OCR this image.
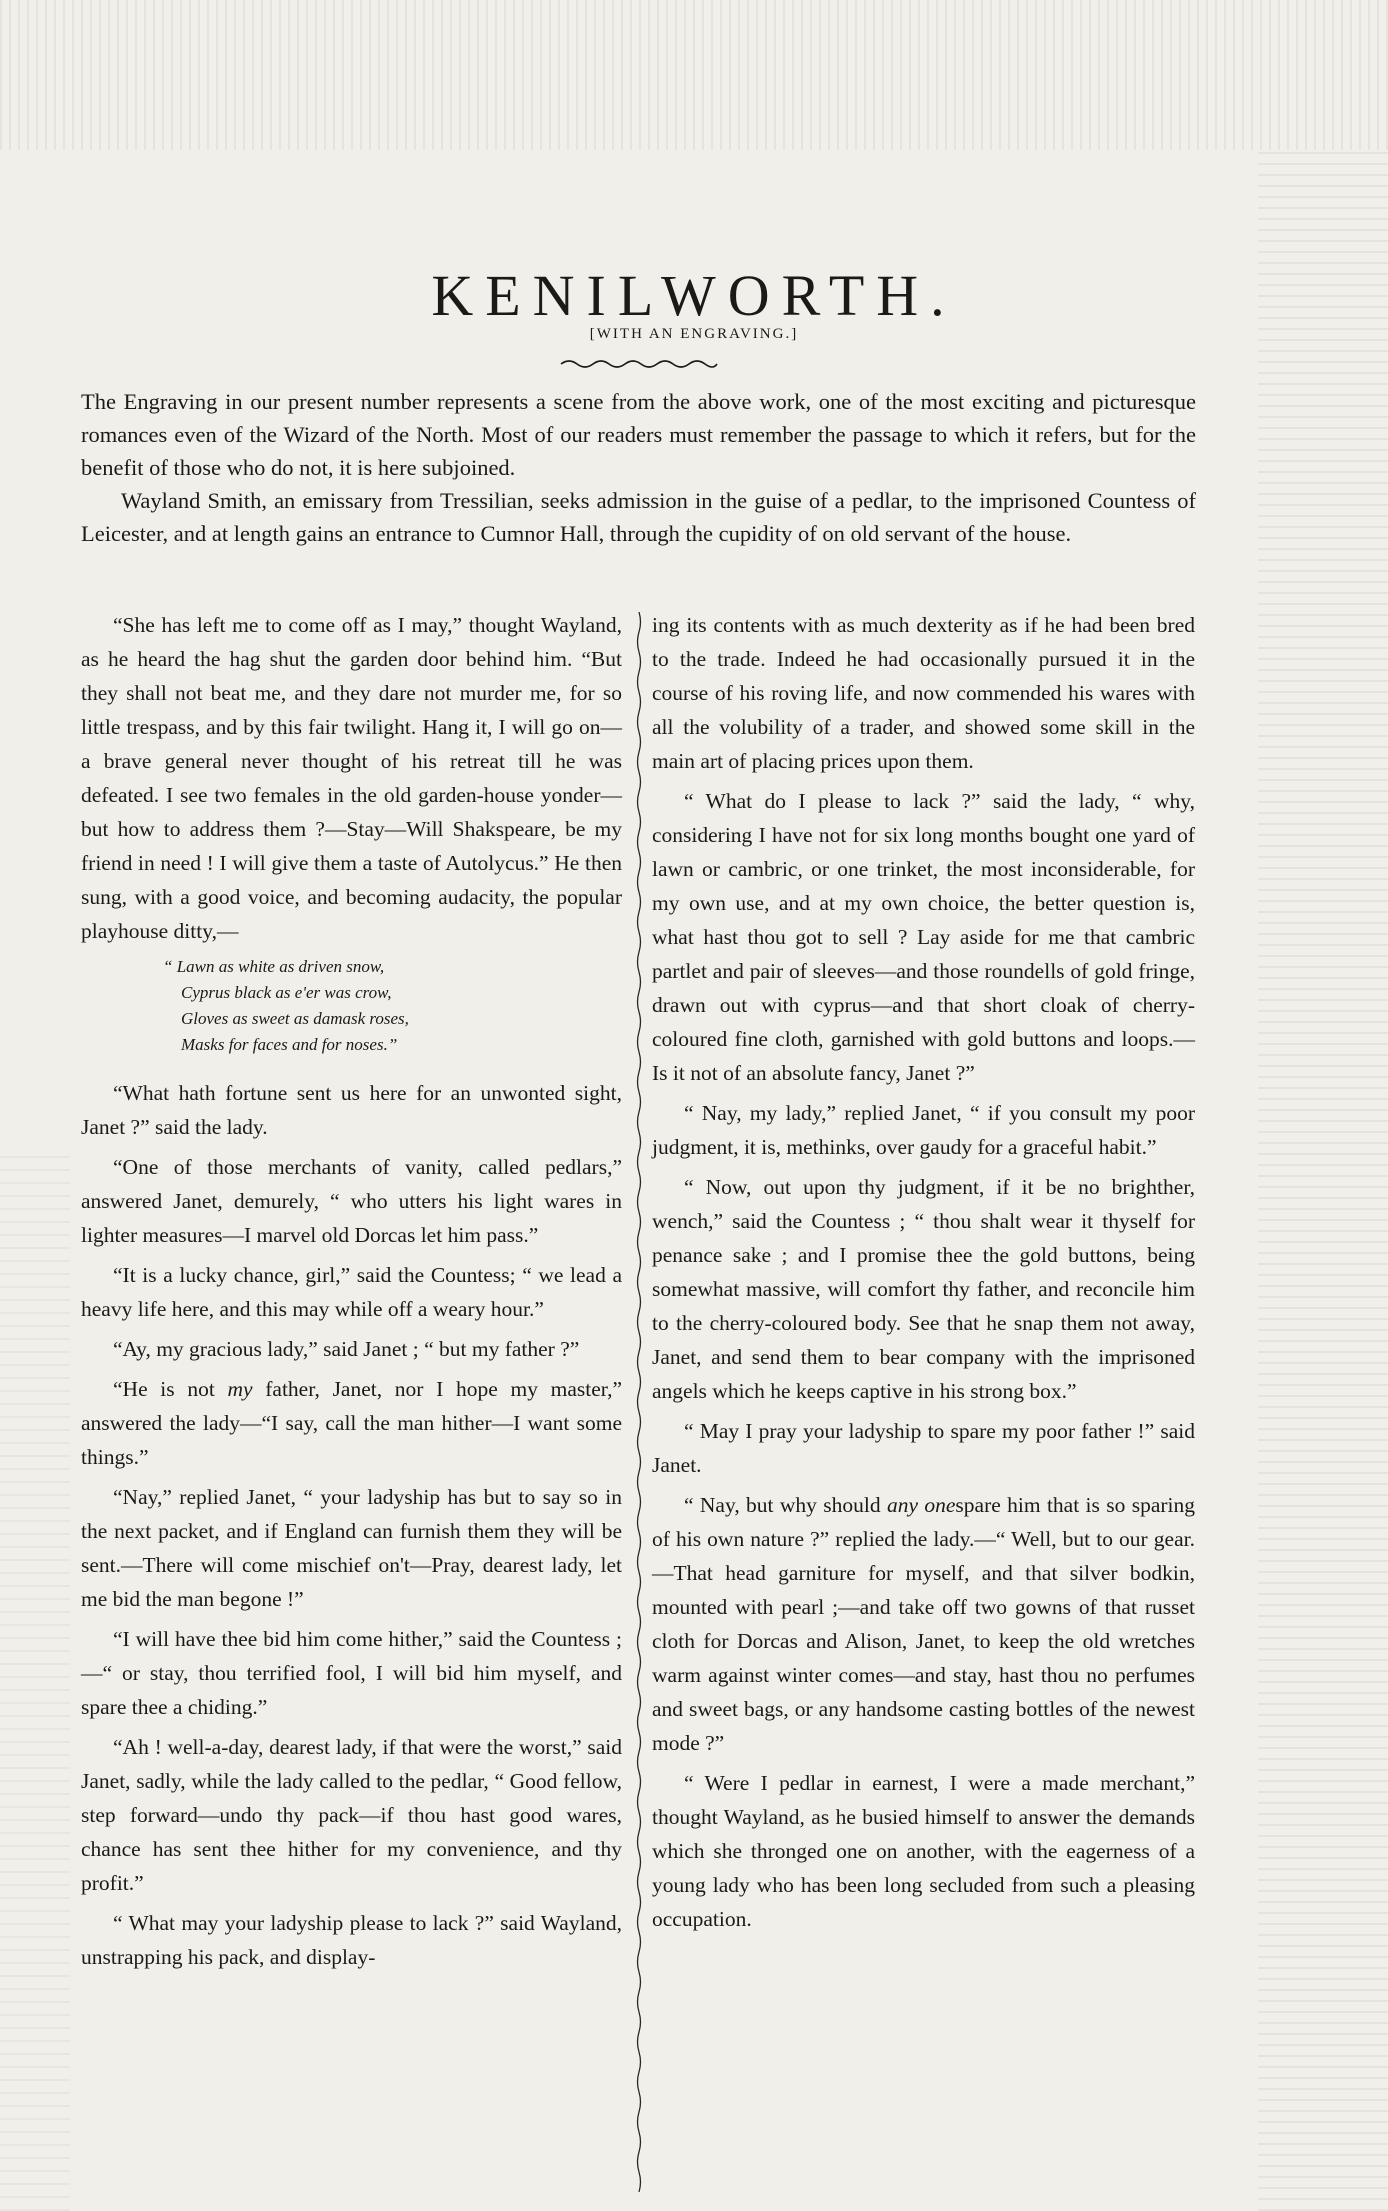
KENILWORTH.
[WITH AN ENGRAVING.]

The Engraving in our present number represents a scene from the above work, one of the most exciting and picturesque romances even of the Wizard of the North. Most of our readers must remember the passage to which it refers, but for the benefit of those who do not, it is here subjoined.

Wayland Smith, an emissary from Tressilian, seeks admission in the guise of a pedlar, to the imprisoned Countess of Leicester, and at length gains an entrance to Cumnor Hall, through the cupidity of on old servant of the house.

“She has left me to come off as I may,” thought Wayland, as he heard the hag shut the garden door behind him. “But they shall not beat me, and they dare not murder me, for so little trespass, and by this fair twilight. Hang it, I will go on—a brave general never thought of his retreat till he was defeated. I see two females in the old garden-house yonder—but how to address them ?—Stay—Will Shakspeare, be my friend in need ! I will give them a taste of Autolycus.” He then sung, with a good voice, and becoming audacity, the popular playhouse ditty,—

“ Lawn as white as driven snow,
Cyprus black as e'er was crow,
Gloves as sweet as damask roses,
Masks for faces and for noses.”

“What hath fortune sent us here for an unwonted sight, Janet ?” said the lady.

“One of those merchants of vanity, called pedlars,” answered Janet, demurely, “ who utters his light wares in lighter measures—I marvel old Dorcas let him pass.”

“It is a lucky chance, girl,” said the Countess; “ we lead a heavy life here, and this may while off a weary hour.”

“Ay, my gracious lady,” said Janet ; “ but my father ?”

“He is not my father, Janet, nor I hope my master,” answered the lady—“I say, call the man hither—I want some things.”

“Nay,” replied Janet, “ your ladyship has but to say so in the next packet, and if England can furnish them they will be sent.—There will come mischief on't—Pray, dearest lady, let me bid the man begone !”

“I will have thee bid him come hither,” said the Countess ;—“ or stay, thou terrified fool, I will bid him myself, and spare thee a chiding.”

“Ah ! well-a-day, dearest lady, if that were the worst,” said Janet, sadly, while the lady called to the pedlar, “ Good fellow, step forward—undo thy pack—if thou hast good wares, chance has sent thee hither for my convenience, and thy profit.”

“ What may your ladyship please to lack ?” said Wayland, unstrapping his pack, and display-

ing its contents with as much dexterity as if he had been bred to the trade. Indeed he had occasionally pursued it in the course of his roving life, and now commended his wares with all the volubility of a trader, and showed some skill in the main art of placing prices upon them.

“ What do I please to lack ?” said the lady, “ why, considering I have not for six long months bought one yard of lawn or cambric, or one trinket, the most inconsiderable, for my own use, and at my own choice, the better question is, what hast thou got to sell ? Lay aside for me that cambric partlet and pair of sleeves—and those roundells of gold fringe, drawn out with cyprus—and that short cloak of cherry-coloured fine cloth, garnished with gold buttons and loops.—Is it not of an absolute fancy, Janet ?”

“ Nay, my lady,” replied Janet, “ if you consult my poor judgment, it is, methinks, over gaudy for a graceful habit.”

“ Now, out upon thy judgment, if it be no brighther, wench,” said the Countess ; “ thou shalt wear it thyself for penance sake ; and I promise thee the gold buttons, being somewhat massive, will comfort thy father, and reconcile him to the cherry-coloured body. See that he snap them not away, Janet, and send them to bear company with the imprisoned angels which he keeps captive in his strong box.”

“ May I pray your ladyship to spare my poor father !” said Janet.

“ Nay, but why should any onespare him that is so sparing of his own nature ?” replied the lady.—“ Well, but to our gear.—That head garniture for myself, and that silver bodkin, mounted with pearl ;—and take off two gowns of that russet cloth for Dorcas and Alison, Janet, to keep the old wretches warm against winter comes—and stay, hast thou no perfumes and sweet bags, or any handsome casting bottles of the newest mode ?”

“ Were I pedlar in earnest, I were a made merchant,” thought Wayland, as he busied himself to answer the demands which she thronged one on another, with the eagerness of a young lady who has been long secluded from such a pleasing occupation.
